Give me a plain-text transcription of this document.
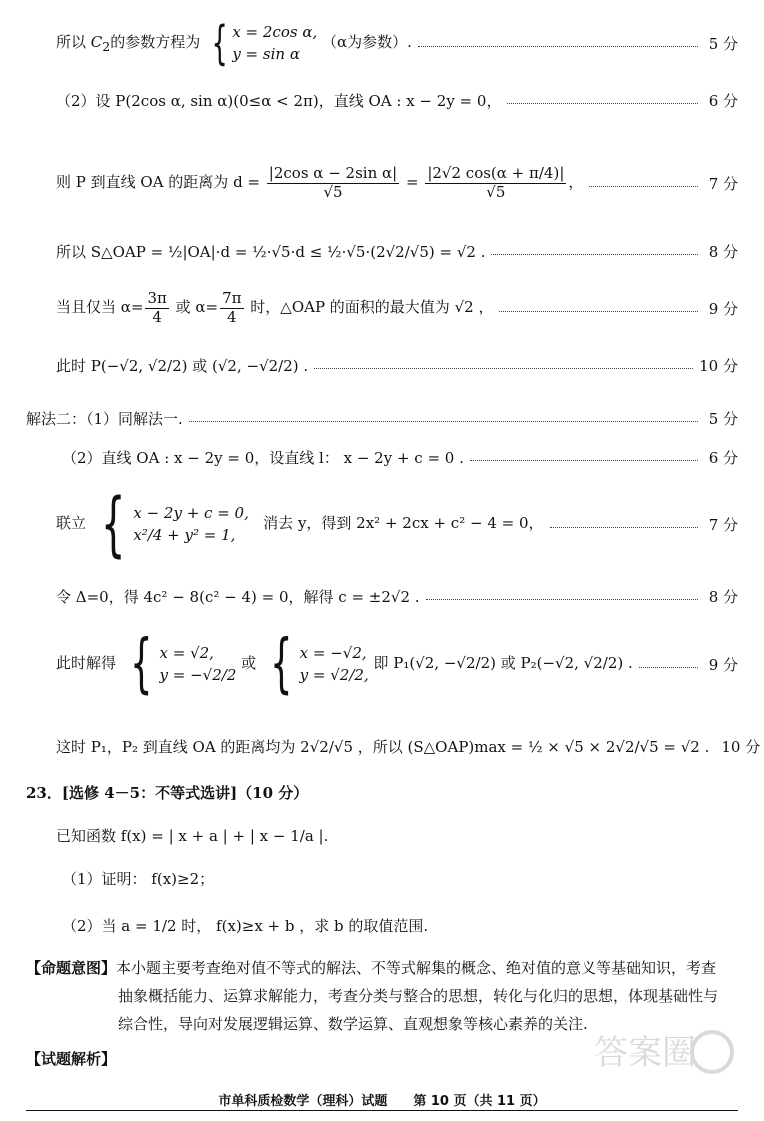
所以 $C_2$的参数方程为 { x = 2cos α,
y = sin α
（α为参数）.	5 分
（2）设 P(2cos α, sin α)(0≤α < 2π)，直线 OA : x − 2y = 0，	6 分
则 P 到直线 OA 的距离为 $d = \frac{\text{|2cos α − 2sin α|}}{√5} = \frac{|2√2 \cos(\alpha + \pi/4)|}{√5}$ ，	7 分
所以 S△OAP = ½|OA|·d = ½·√5·d ≤ ½·√5·(2√2/√5) = √2 .	8 分
当且仅当 $\alpha= \frac{3\pi}{4}$ 或 $\alpha= \frac{7\pi}{4}$ 时，△OAP 的面积的最大值为 √2 ，	9 分
此时 P(−√2, √2/2) 或 (√2, −√2/2) .	10 分
解法二：（1）同解法一.	5 分
（2）直线 OA : x − 2y = 0，设直线 l： x − 2y + c = 0 .	6 分
联立 { x − 2y + c = 0,
x²/4 + y² = 1,
消去 y，得到 2x² + 2cx + c² − 4 = 0，	7 分
令 Δ=0，得 4c² − 8(c² − 4) = 0，解得 c = ±2√2 .	8 分
此时解得 { x = √2,
y = −√2/2
或 { x = −√2,
y = √2/2,
即 P₁(√2, −√2/2) 或 P₂(−√2, √2/2) .	9 分
这时 P₁，P₂ 到直线 OA 的距离均为 2√2/√5 ，所以 (S△OAP)max = ½ × √5 × 2√2/√5 = √2 . 10 分
23．[选修 4－5：不等式选讲]（10 分）
已知函数 f(x) = | x + a | + | x − 1/a |.
（1）证明： f(x)≥2；
（2）当 a = 1/2 时， f(x)≥x + b ，求 b 的取值范围.
【命题意图】本小题主要考查绝对值不等式的解法、不等式解集的概念、绝对值的意义等基础知识，考查
抽象概括能力、运算求解能力，考查分类与整合的思想，转化与化归的思想，体现基础性与
综合性，导向对发展逻辑运算、数学运算、直观想象等核心素养的关注.
【试题解析】	答案圈
市单科质检数学（理科）试题　　第 10 页（共 11 页）
